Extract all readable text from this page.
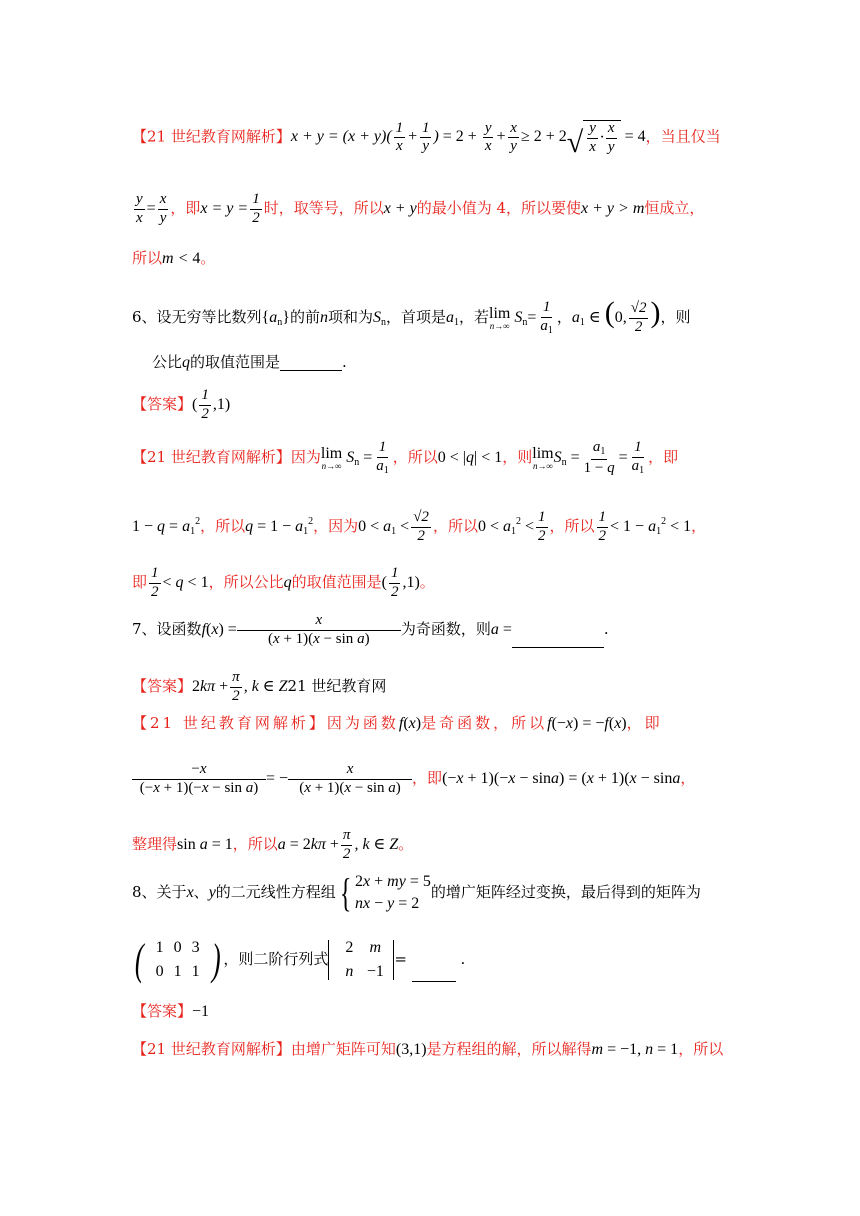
【21 世纪教育网解析】$x + y = (x + y)( \frac{1}{x} + \frac{1}{y}$ ) = $2 + \frac{y}{x} + \frac{x}{y} \ge 2 + 2$ √ $\frac{y}{x} \cdot \frac{x}{y} = 4$，当且仅当
$\frac{y}{x} = \frac{x}{y}$ ，即$x = y = \frac{1}{2}$ 时，取等号，所以x + y的最小值为 4，所以要使x + y > m恒成立，
所以m < 4。
6、设无穷等比数列$\{a_n\}$的前n项和为$S_n$，首项是$a_1$，若 lim
n→∞ $S_n= \frac{1}{a_1}$ ，$a_1$ ∈ (0, $\frac{√2}{2}$ )，则
公比q的取值范围是	.
【答案】( $\frac{1}{2} ,1$)
【21 世纪教育网解析】因为 lim
n→∞ $S_n = \frac{1}{a_1}$ ，所以0 < |q| < 1，则 lim
n→∞ $S_n = \frac{a_1}{1 - q} = \frac{1}{a_1}$ ，即
$1 - q = a_1^2$，所以$q = 1 - a_1^2$，因为$0 < a_1 < \frac{√2}{2}$ ，所以$0 < a_1^2 < \frac{1}{2}$ ，所以 $\frac{1}{2} < 1 - a_1^2 < 1$，
即 $\frac{1}{2} < q < 1$，所以公比q的取值范围是( $\frac{1}{2} ,1$)。
7、设函数$f(x) = \frac{x}{\text{(x + 1)(x − sin a)}}$ 为奇函数，则a =	.
【答案】$2k\pi + \frac{\pi}{2}$ , k ∈ Z21 世纪教育网
【21 世纪教育网解析】因为函数f(x)是奇函数，所以f(−x) = −f(x)，即
$\frac{-x}{\text{(−x + 1)(−x − sin a)}}$ = − $\frac{x}{\text{(x + 1)(x − sin a)}}$ ，即(−x + 1)(−x − sina) = (x + 1)(x − sina，
整理得sin a = 1，所以$a = 2k\pi + \frac{\pi}{2}$ , k ∈ Z。
8、关于x、y的二元线性方程组 { 2x + my = 5
nx − y = 2
的增广矩阵经过变换，最后得到的矩阵为
( 1 0 3
0 1 1 ) ，则二阶行列式
2	m
n −1
=	.
【答案】−1
【21 世纪教育网解析】由增广矩阵可知(3,1)是方程组的解，所以解得m = −1, n = 1，所以
